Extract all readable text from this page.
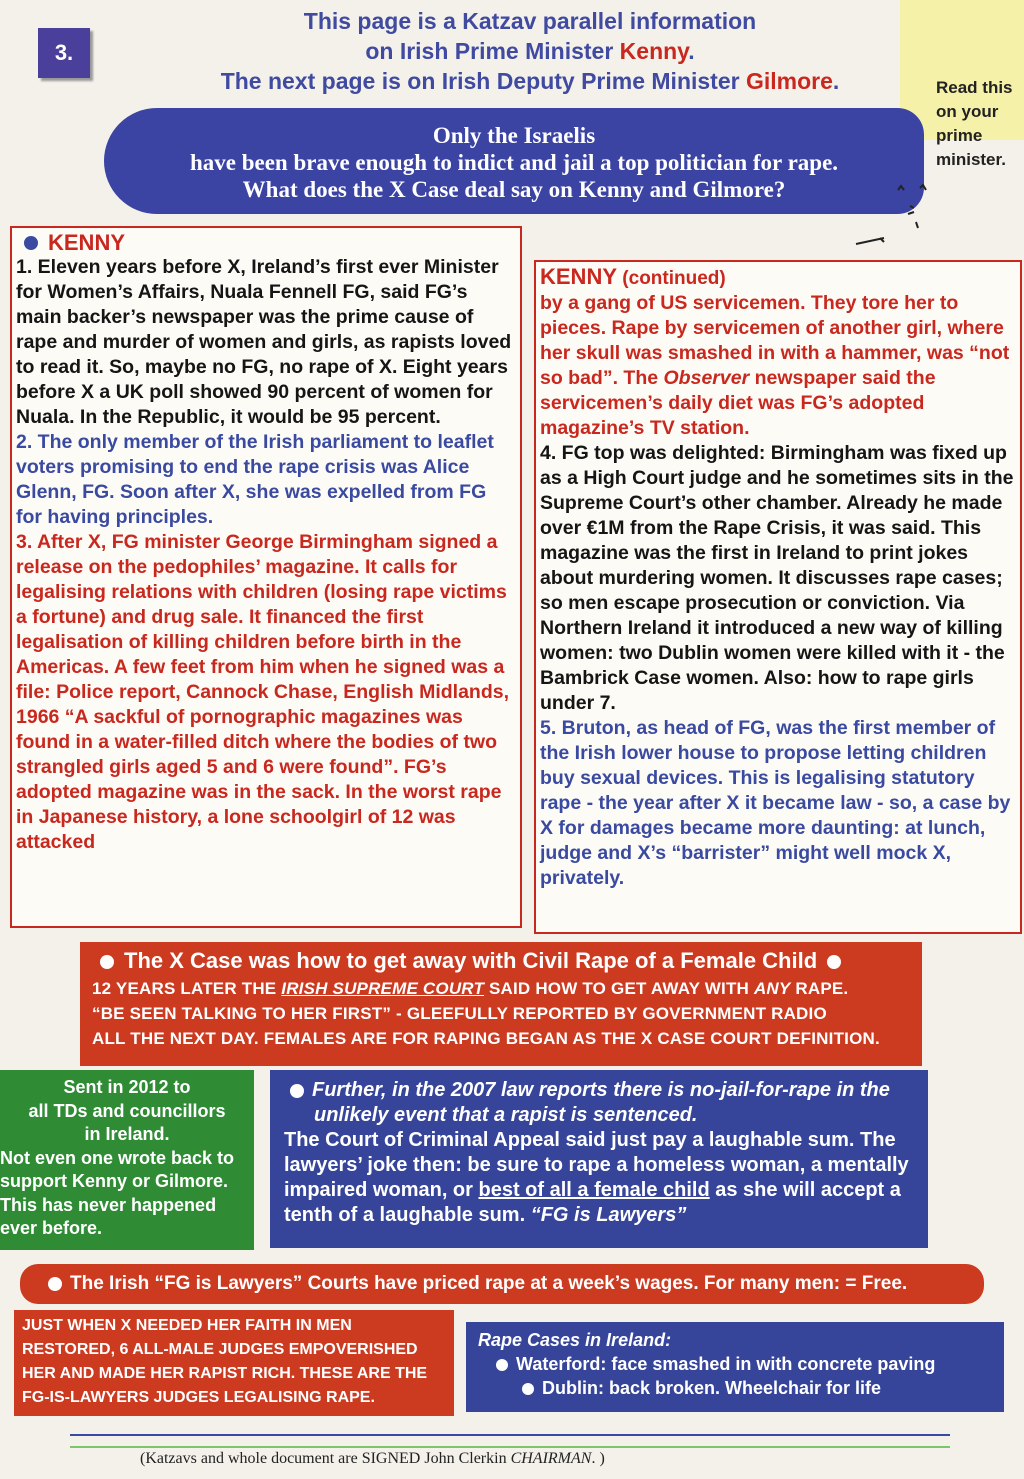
3.
This page is a Katzav parallel information
on Irish Prime Minister Kenny.
The next page is on Irish Deputy Prime Minister Gilmore.
Only the Israelis
have been brave enough to indict and jail a top politician for rape.
What does the X Case deal say on Kenny and Gilmore?
Read this on your prime minister.
KENNY

1. Eleven years before X, Ireland’s first ever Minister for Women’s Affairs, Nuala Fennell FG, said FG’s main backer’s newspaper was the prime cause of rape and murder of women and girls, as rapists loved to read it. So, maybe no FG, no rape of X. Eight years before X a UK poll showed 90 percent of women for Nuala. In the Republic, it would be 95 percent.

2. The only member of the Irish parliament to leaflet voters promising to end the rape crisis was Alice Glenn, FG. Soon after X, she was expelled from FG for having principles.

3. After X, FG minister George Birmingham signed a release on the pedophiles’ magazine. It calls for legalising relations with children (losing rape victims a fortune) and drug sale. It financed the first legalisation of killing children before birth in the Americas. A few feet from him when he signed was a file: Police report, Cannock Chase, English Midlands, 1966 “A sackful of pornographic magazines was found in a water-filled ditch where the bodies of two strangled girls aged 5 and 6 were found”. FG’s adopted magazine was in the sack. In the worst rape in Japanese history, a lone schoolgirl of 12 was attacked

KENNY (continued)

by a gang of US servicemen. They tore her to pieces. Rape by servicemen of another girl, where her skull was smashed in with a hammer, was “not so bad”. The Observer newspaper said the servicemen’s daily diet was FG’s adopted magazine’s TV station.

4. FG top was delighted: Birmingham was fixed up as a High Court judge and he sometimes sits in the Supreme Court’s other chamber. Already he made over €1M from the Rape Crisis, it was said. This magazine was the first in Ireland to print jokes about murdering women. It discusses rape cases; so men escape prosecution or conviction. Via Northern Ireland it introduced a new way of killing women: two Dublin women were killed with it - the Bambrick Case women. Also: how to rape girls under 7.

5. Bruton, as head of FG, was the first member of the Irish lower house to propose letting children buy sexual devices. This is legalising statutory rape - the year after X it became law - so, a case by X for damages became more daunting: at lunch, judge and X’s “barrister” might well mock X, privately.

The X Case was how to get away with Civil Rape of a Female Child
12 YEARS LATER THE IRISH SUPREME COURT SAID HOW TO GET AWAY WITH ANY RAPE.
“BE SEEN TALKING TO HER FIRST” - GLEEFULLY REPORTED BY GOVERNMENT RADIO
ALL THE NEXT DAY. FEMALES ARE FOR RAPING BEGAN AS THE X CASE COURT DEFINITION.
Sent in 2012 to
all TDs and councillors
in Ireland.
Not even one wrote back to support Kenny or Gilmore. This has never happened ever before.
Further, in the 2007 law reports there is no-jail-for-rape in the unlikely event that a rapist is sentenced.
The Court of Criminal Appeal said just pay a laughable sum. The lawyers’ joke then: be sure to rape a homeless woman, a mentally impaired woman, or best of all a female child as she will accept a tenth of a laughable sum. “FG is Lawyers”
The Irish “FG is Lawyers” Courts have priced rape at a week’s wages. For many men: = Free.
JUST WHEN X NEEDED HER FAITH IN MEN RESTORED, 6 ALL-MALE JUDGES EMPOVERISHED HER AND MADE HER RAPIST RICH. THESE ARE THE FG-IS-LAWYERS JUDGES LEGALISING RAPE.
Rape Cases in Ireland:
Waterford: face smashed in with concrete paving
Dublin: back broken. Wheelchair for life
(Katzavs and whole document are SIGNED John Clerkin CHAIRMAN. )
